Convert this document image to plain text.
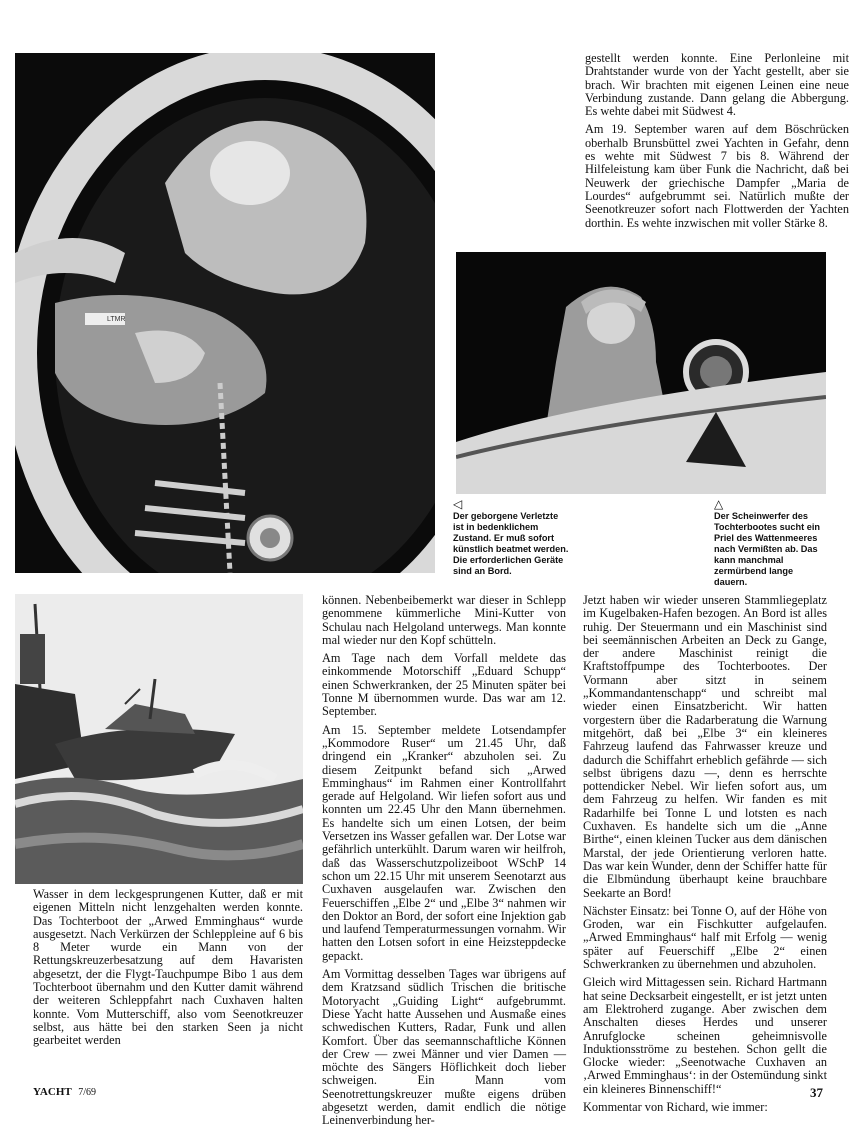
LTMR

gestellt werden konnte. Eine Perlonleine mit Drahtstander wurde von der Yacht gestellt, aber sie brach. Wir brachten mit eigenen Leinen eine neue Verbindung zustande. Dann gelang die Abbergung. Es wehte dabei mit Südwest 4.

Am 19. September waren auf dem Böschrücken oberhalb Brunsbüttel zwei Yachten in Gefahr, denn es wehte mit Südwest 7 bis 8. Während der Hilfeleistung kam über Funk die Nachricht, daß bei Neuwerk der griechische Dampfer „Maria de Lourdes“ aufgebrummt sei. Natürlich mußte der Seenotkreuzer sofort nach Flottwerden der Yachten dorthin. Es wehte inzwischen mit voller Stärke 8.

◁
Der geborgene Verletzte ist in bedenklichem Zustand. Er muß sofort künstlich beatmet werden. Die erforderlichen Geräte sind an Bord.
△
Der Scheinwerfer des Tochterbootes sucht ein Priel des Wattenmeeres nach Vermißten ab. Das kann manchmal zermürbend lange dauern.

Wasser in dem leckgesprungenen Kutter, daß er mit eigenen Mitteln nicht lenzgehalten werden konnte. Das Tochterboot der „Arwed Emminghaus“ wurde ausgesetzt. Nach Verkürzen der Schleppleine auf 6 bis 8 Meter wurde ein Mann von der Rettungskreuzerbesatzung auf dem Havaristen abgesetzt, der die Flygt-Tauchpumpe Bibo 1 aus dem Tochterboot übernahm und den Kutter damit während der weiteren Schleppfahrt nach Cuxhaven halten konnte. Vom Mutterschiff, also vom Seenotkreuzer selbst, aus hätte bei den starken Seen ja nicht gearbeitet werden

können. Nebenbeibemerkt war dieser in Schlepp genommene kümmerliche Mini-Kutter von Schulau nach Helgoland unterwegs. Man konnte mal wieder nur den Kopf schütteln.

Am Tage nach dem Vorfall meldete das einkommende Motorschiff „Eduard Schupp“ einen Schwerkranken, der 25 Minuten später bei Tonne M übernommen wurde. Das war am 12. September.

Am 15. September meldete Lotsendampfer „Kommodore Ruser“ um 21.45 Uhr, daß dringend ein „Kranker“ abzuholen sei. Zu diesem Zeitpunkt befand sich „Arwed Emminghaus“ im Rahmen einer Kontrollfahrt gerade auf Helgoland. Wir liefen sofort aus und konnten um 22.45 Uhr den Mann übernehmen. Es handelte sich um einen Lotsen, der beim Versetzen ins Wasser gefallen war. Der Lotse war gefährlich unterkühlt. Darum waren wir heilfroh, daß das Wasserschutzpolizeiboot WSchP 14 schon um 22.15 Uhr mit unserem Seenotarzt aus Cuxhaven ausgelaufen war. Zwischen den Feuerschiffen „Elbe 2“ und „Elbe 3“ nahmen wir den Doktor an Bord, der sofort eine Injektion gab und laufend Temperaturmessungen vornahm. Wir hatten den Lotsen sofort in eine Heizsteppdecke gepackt.

Am Vormittag desselben Tages war übrigens auf dem Kratzsand südlich Trischen die britische Motoryacht „Guiding Light“ aufgebrummt. Diese Yacht hatte Aussehen und Ausmaße eines schwedischen Kutters, Radar, Funk und allen Komfort. Über das seemannschaftliche Können der Crew — zwei Männer und vier Damen — möchte des Sängers Höflichkeit doch lieber schweigen. Ein Mann vom Seenotrettungskreuzer mußte eigens drüben abgesetzt werden, damit endlich die nötige Leinenverbindung her-

Jetzt haben wir wieder unseren Stammliegeplatz im Kugelbaken-Hafen bezogen. An Bord ist alles ruhig. Der Steuermann und ein Maschinist sind bei seemännischen Arbeiten an Deck zu Gange, der andere Maschinist reinigt die Kraftstoffpumpe des Tochterbootes. Der Vormann aber sitzt in seinem „Kommandantenschapp“ und schreibt mal wieder einen Einsatzbericht. Wir hatten vorgestern über die Radarberatung die Warnung mitgehört, daß bei „Elbe 3“ ein kleineres Fahrzeug laufend das Fahrwasser kreuze und dadurch die Schiffahrt erheblich gefährde — sich selbst übrigens dazu —, denn es herrschte pottendicker Nebel. Wir liefen sofort aus, um dem Fahrzeug zu helfen. Wir fanden es mit Radarhilfe bei Tonne L und lotsten es nach Cuxhaven. Es handelte sich um die „Anne Birthe“, einen kleinen Tucker aus dem dänischen Marstal, der jede Orientierung verloren hatte. Das war kein Wunder, denn der Schiffer hatte für die Elbmündung überhaupt keine brauchbare Seekarte an Bord!

Nächster Einsatz: bei Tonne O, auf der Höhe von Groden, war ein Fischkutter aufgelaufen. „Arwed Emminghaus“ half mit Erfolg — wenig später auf Feuerschiff „Elbe 2“ einen Schwerkranken zu übernehmen und abzuholen.

Gleich wird Mittagessen sein. Richard Hartmann hat seine Decksarbeit eingestellt, er ist jetzt unten am Elektroherd zugange. Aber zwischen dem Anschalten dieses Herdes und unserer Anrufglocke scheinen geheimnisvolle Induktionsströme zu bestehen. Schon gellt die Glocke wieder: „Seenotwache Cuxhaven an ‚Arwed Emminghaus‘: in der Ostemündung sinkt ein kleineres Binnenschiff!“

Kommentar von Richard, wie immer:

YACHT 7/69	37
